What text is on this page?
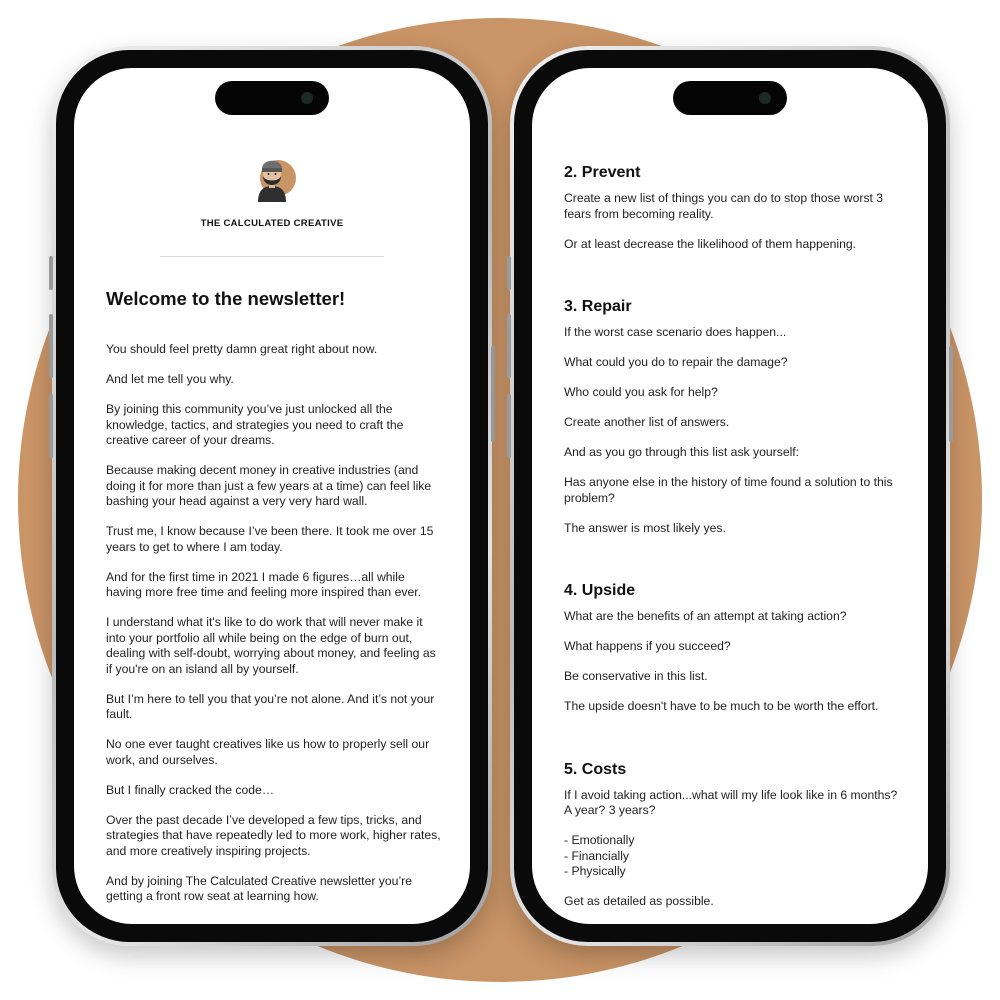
THE CALCULATED CREATIVE
Welcome to the newsletter!

You should feel pretty damn great right about now.

And let me tell you why.

By joining this community you’ve just unlocked all the knowledge, tactics, and strategies you need to craft the creative career of your dreams.

Because making decent money in creative industries (and doing it for more than just a few years at a time) can feel like bashing your head against a very very hard wall.

Trust me, I know because I’ve been there. It took me over 15 years to get to where I am today.

And for the first time in 2021 I made 6 figures…all while having more free time and feeling more inspired than ever.

I understand what it's like to do work that will never make it into your portfolio all while being on the edge of burn out, dealing with self-doubt, worrying about money, and feeling as if you're on an island all by yourself.

But I’m here to tell you that you’re not alone. And it’s not your fault.

No one ever taught creatives like us how to properly sell our work, and ourselves.

But I finally cracked the code…

Over the past decade I’ve developed a few tips, tricks, and strategies that have repeatedly led to more work, higher rates, and more creatively inspiring projects.

And by joining The Calculated Creative newsletter you’re getting a front row seat at learning how.

2. Prevent

Create a new list of things you can do to stop those worst 3 fears from becoming reality.

Or at least decrease the likelihood of them happening.

3. Repair

If the worst case scenario does happen...

What could you do to repair the damage?

Who could you ask for help?

Create another list of answers.

And as you go through this list ask yourself:

Has anyone else in the history of time found a solution to this problem?

The answer is most likely yes.

4. Upside

What are the benefits of an attempt at taking action?

What happens if you succeed?

Be conservative in this list.

The upside doesn't have to be much to be worth the effort.

5. Costs

If I avoid taking action...what will my life look like in 6 months? A year? 3 years?

- Emotionally

- Financially

- Physically

Get as detailed as possible.
